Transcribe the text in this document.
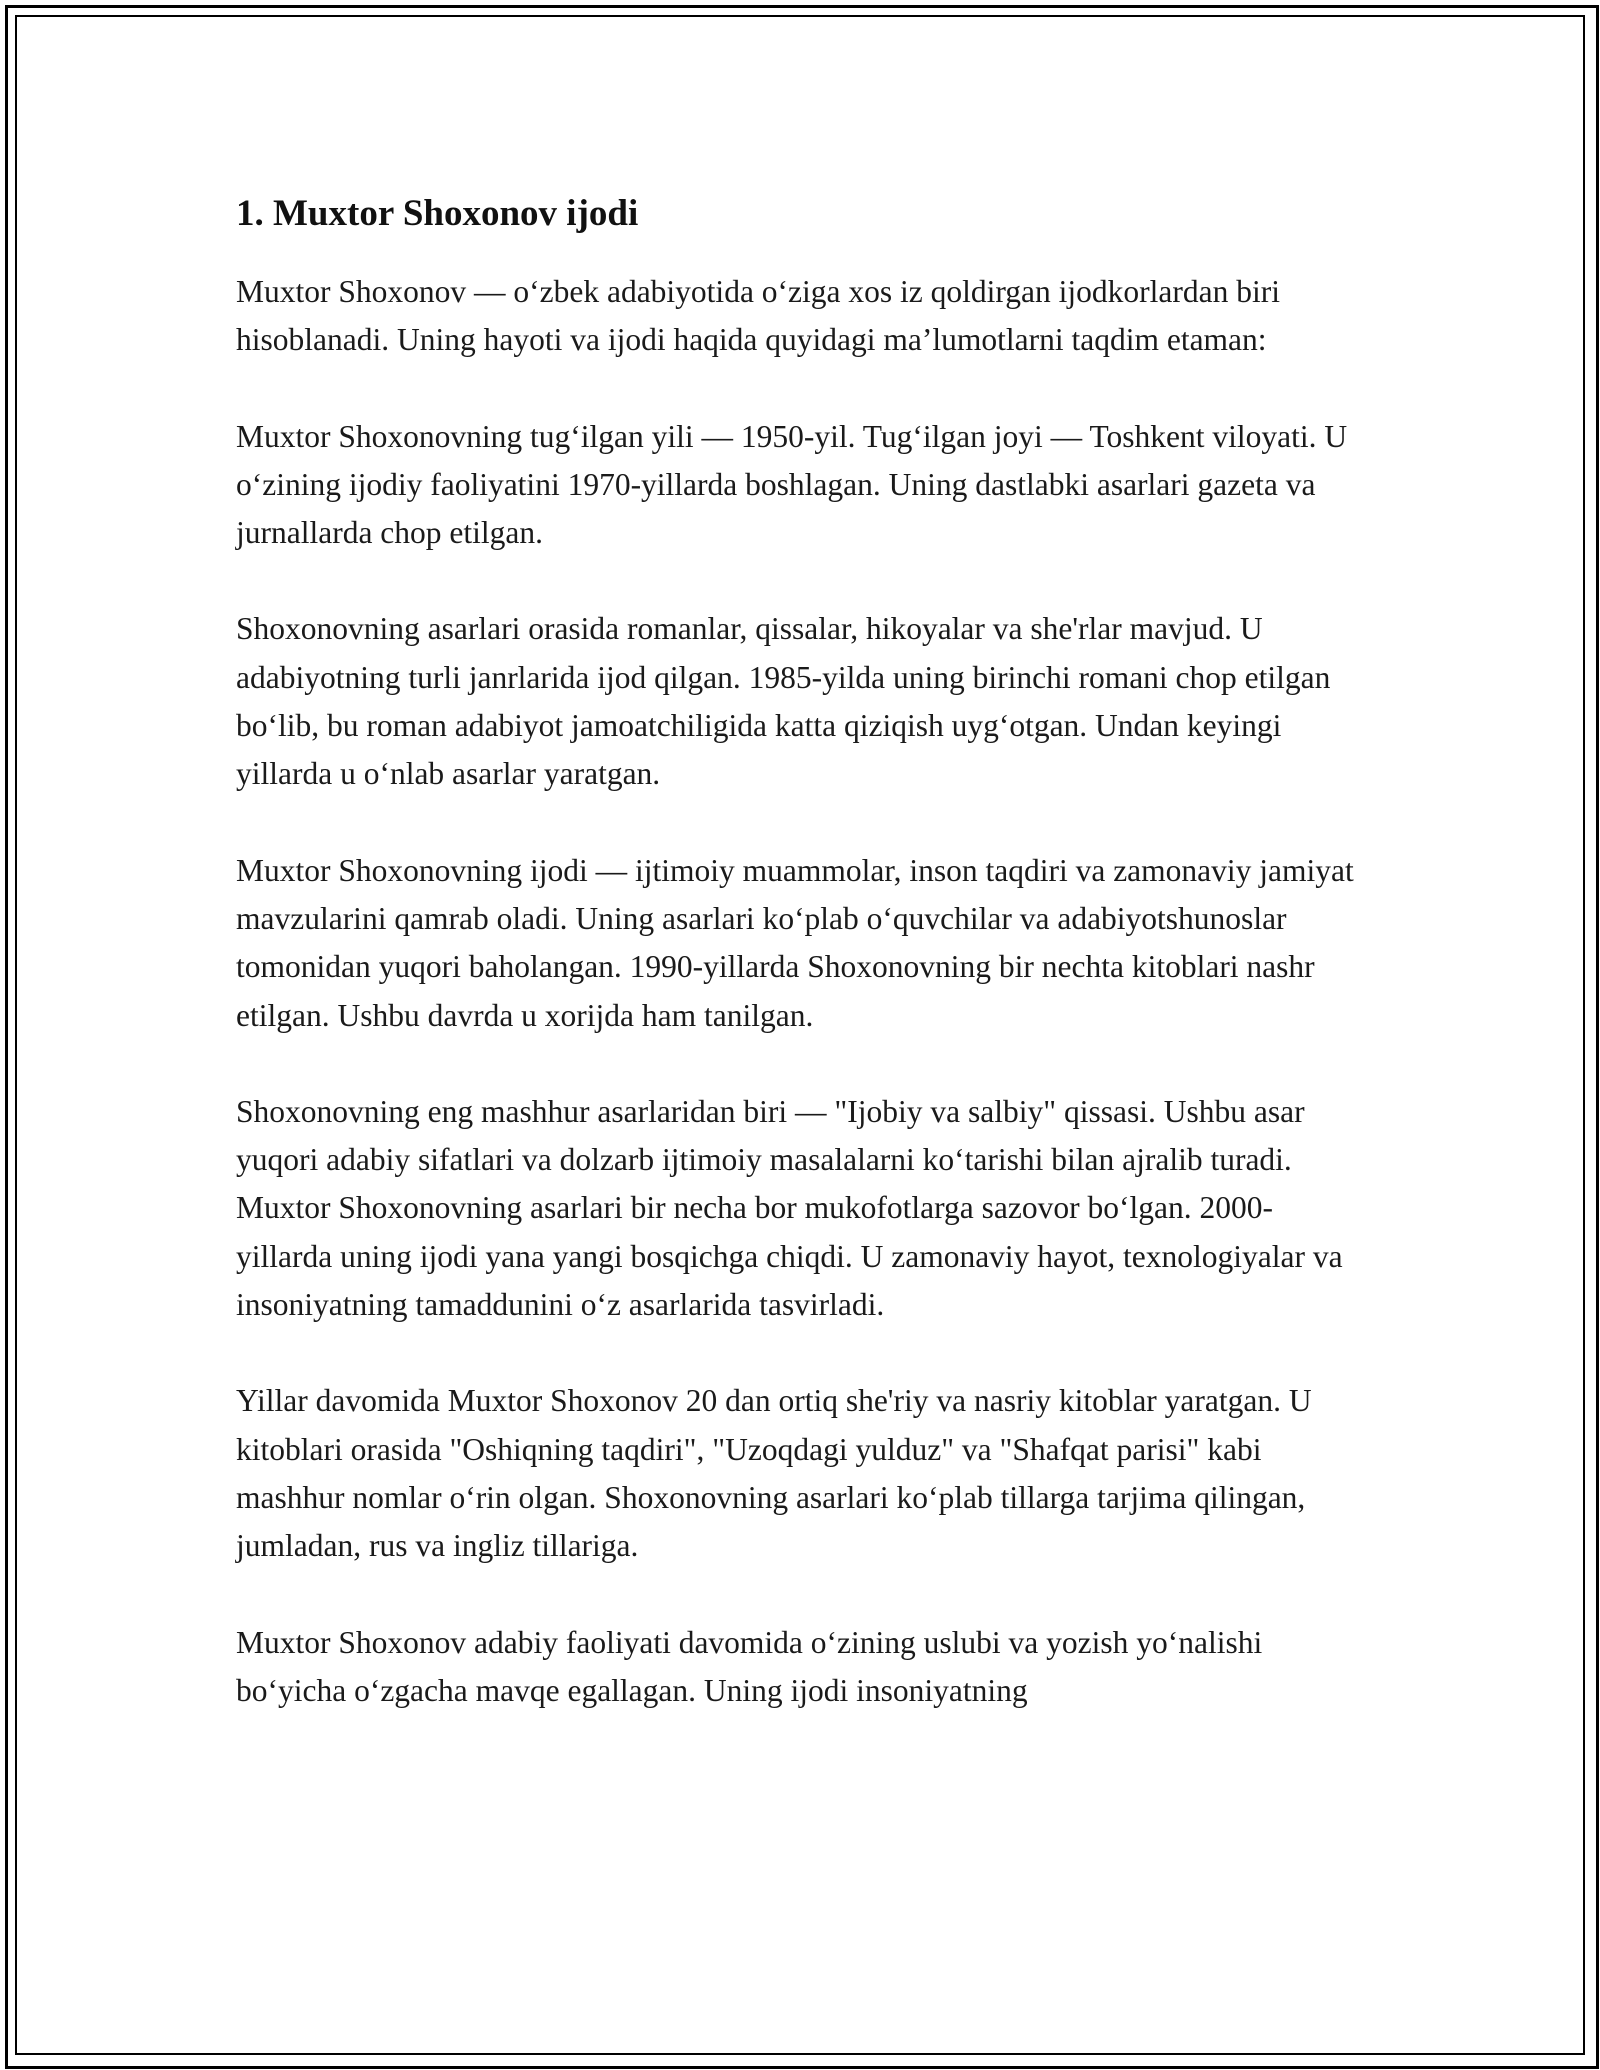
1. Muxtor Shoxonov ijodi

Muxtor Shoxonov — o‘zbek adabiyotida o‘ziga xos iz qoldirgan ijodkorlardan biri hisoblanadi. Uning hayoti va ijodi haqida quyidagi ma’lumotlarni taqdim etaman:

Muxtor Shoxonovning tug‘ilgan yili — 1950-yil. Tug‘ilgan joyi — Toshkent viloyati. U o‘zining ijodiy faoliyatini 1970-yillarda boshlagan. Uning dastlabki asarlari gazeta va jurnallarda chop etilgan.

Shoxonovning asarlari orasida romanlar, qissalar, hikoyalar va she'rlar mavjud. U adabiyotning turli janrlarida ijod qilgan. 1985-yilda uning birinchi romani chop etilgan bo‘lib, bu roman adabiyot jamoatchiligida katta qiziqish uyg‘otgan. Undan keyingi yillarda u o‘nlab asarlar yaratgan.

Muxtor Shoxonovning ijodi — ijtimoiy muammolar, inson taqdiri va zamonaviy jamiyat mavzularini qamrab oladi. Uning asarlari ko‘plab o‘quvchilar va adabiyotshunoslar tomonidan yuqori baholangan. 1990-yillarda Shoxonovning bir nechta kitoblari nashr etilgan. Ushbu davrda u xorijda ham tanilgan.

Shoxonovning eng mashhur asarlaridan biri — "Ijobiy va salbiy" qissasi. Ushbu asar yuqori adabiy sifatlari va dolzarb ijtimoiy masalalarni ko‘tarishi bilan ajralib turadi. Muxtor Shoxonovning asarlari bir necha bor mukofotlarga sazovor bo‘lgan. 2000-yillarda uning ijodi yana yangi bosqichga chiqdi. U zamonaviy hayot, texnologiyalar va insoniyatning tamaddunini o‘z asarlarida tasvirladi.

Yillar davomida Muxtor Shoxonov 20 dan ortiq she'riy va nasriy kitoblar yaratgan. U kitoblari orasida "Oshiqning taqdiri", "Uzoqdagi yulduz" va "Shafqat parisi" kabi mashhur nomlar o‘rin olgan. Shoxonovning asarlari ko‘plab tillarga tarjima qilingan, jumladan, rus va ingliz tillariga.

Muxtor Shoxonov adabiy faoliyati davomida o‘zining uslubi va yozish yo‘nalishi bo‘yicha o‘zgacha mavqe egallagan. Uning ijodi insoniyatning
